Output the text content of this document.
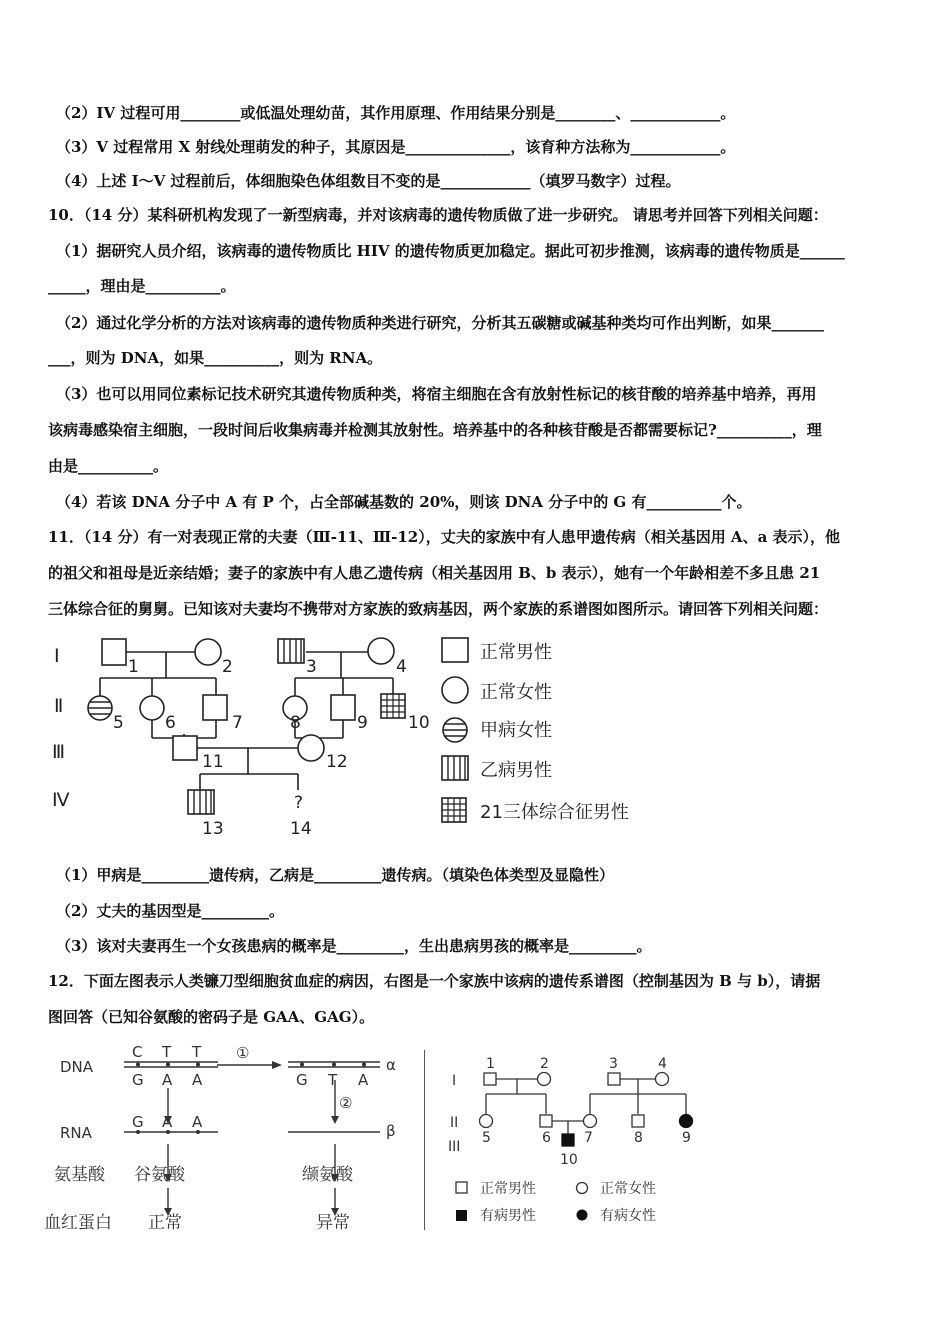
（2）IV 过程可用________或低温处理幼苗，其作用原理、作用结果分别是________、____________。
（3）V 过程常用 X 射线处理萌发的种子，其原因是______________，该育种方法称为____________。
（4）上述 I～V 过程前后，体细胞染色体组数目不变的是____________（填罗马数字）过程。
10．（14 分）某科研机构发现了一新型病毒，并对该病毒的遗传物质做了进一步研究。 请思考并回答下列相关问题：
（1）据研究人员介绍，该病毒的遗传物质比 HIV 的遗传物质更加稳定。据此可初步推测，该病毒的遗传物质是______
_____，理由是__________。
（2）通过化学分析的方法对该病毒的遗传物质种类进行研究，分析其五碳糖或碱基种类均可作出判断，如果_______
___，则为 DNA，如果__________，则为 RNA。
（3）也可以用同位素标记技术研究其遗传物质种类，将宿主细胞在含有放射性标记的核苷酸的培养基中培养，再用
该病毒感染宿主细胞，一段时间后收集病毒并检测其放射性。培养基中的各种核苷酸是否都需要标记?__________，理
由是__________。
（4）若该 DNA 分子中 A 有 P 个，占全部碱基数的 20%，则该 DNA 分子中的 G 有__________个。
11．（14 分）有一对表现正常的夫妻（Ⅲ-11、Ⅲ-12），丈夫的家族中有人患甲遗传病（相关基因用 A、a 表示），他
的祖父和祖母是近亲结婚；妻子的家族中有人患乙遗传病（相关基因用 B、b 表示），她有一个年龄相差不多且患 21
三体综合征的舅舅。已知该对夫妻均不携带对方家族的致病基因，两个家族的系谱图如图所示。请回答下列相关问题：
Ⅰ
Ⅱ
Ⅲ
Ⅳ
1	2	3	4
5 6	7	8	9 10
11	12
13	14
?
正常男性
正常女性
甲病女性
乙病男性
21三体综合征男性
（1）甲病是_________遗传病，乙病是_________遗传病。（填染色体类型及显隐性）
（2）丈夫的基因型是_________。
（3）该对夫妻再生一个女孩患病的概率是_________，生出患病男孩的概率是_________。
12．下面左图表示人类镰刀型细胞贫血症的病因，右图是一个家族中该病的遗传系谱图（控制基因为 B 与 b），请据
图回答（已知谷氨酸的密码子是 GAA、GAG）。
DNA
RNA
C T T
G A A	G T A
α
G A A	β
①
②
氨基酸 谷氨酸	缬氨酸
血红蛋白 正常	异常
I
II
III
1	2	3	4
5	6 7	8	9
10
正常男性	正常女性
有病男性	有病女性
